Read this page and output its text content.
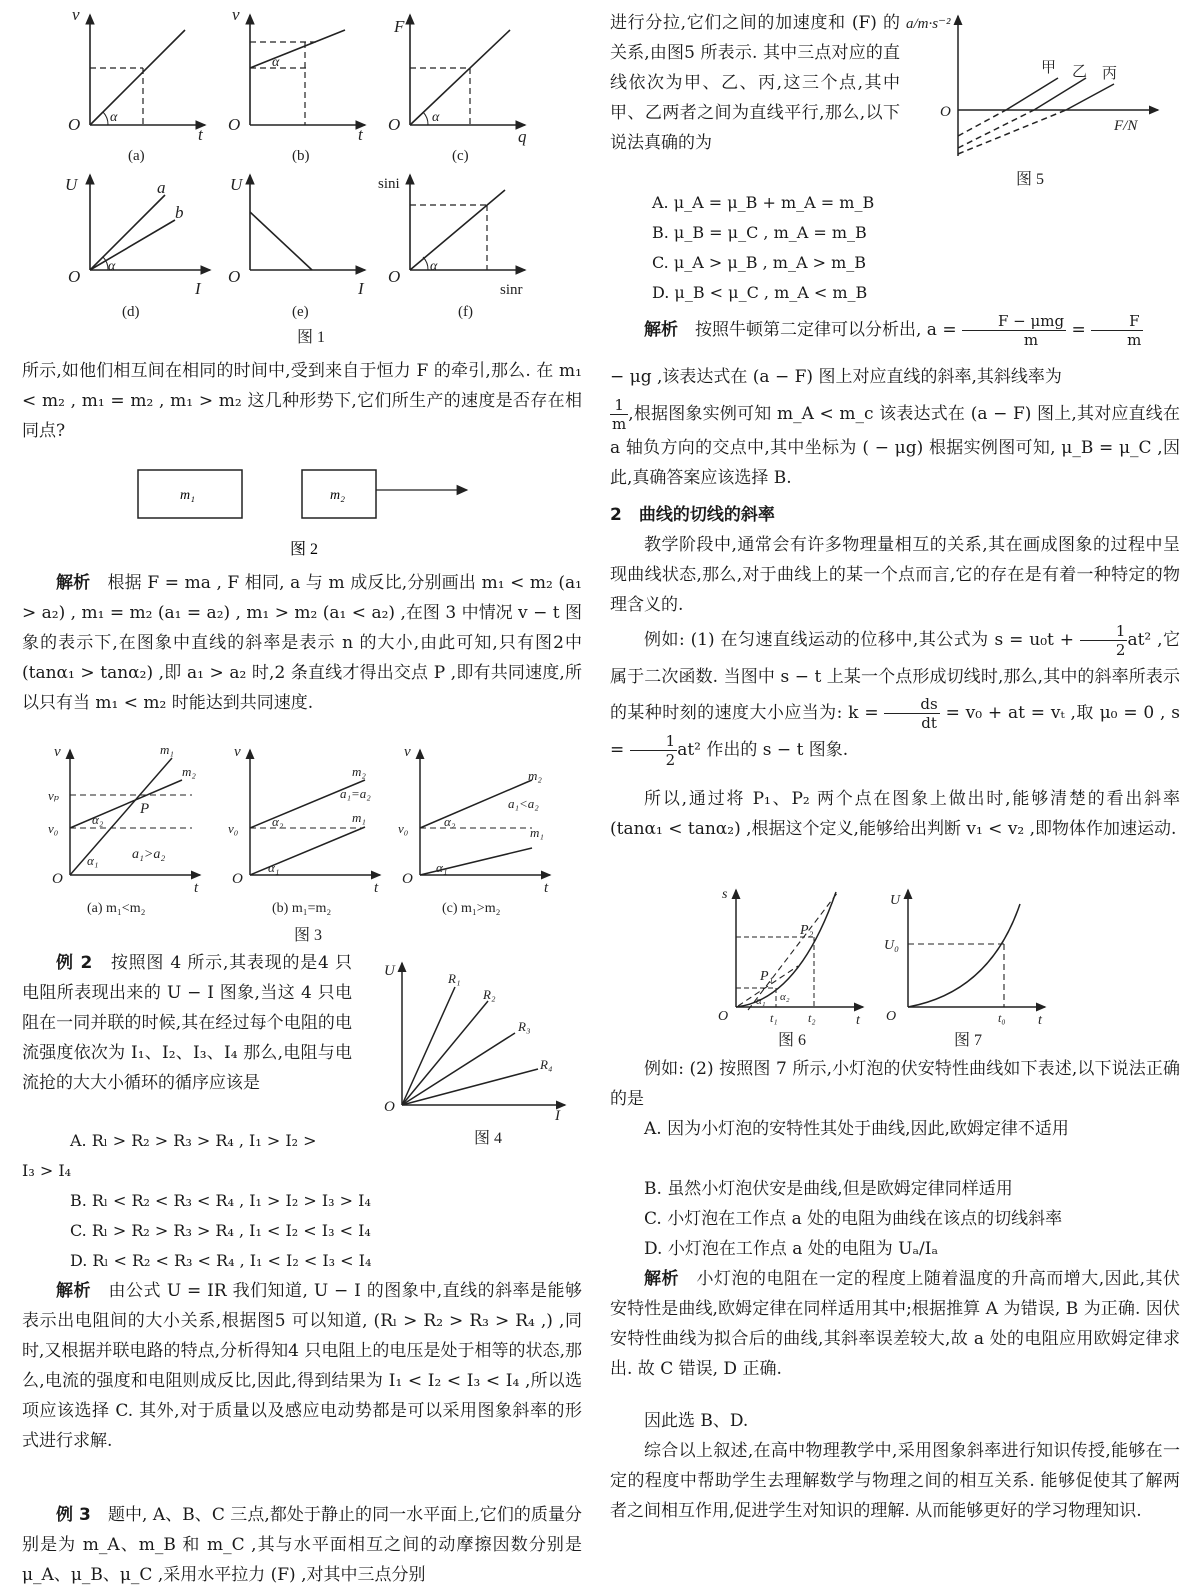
v
t
O α
(a)
v
t
O
α
(b)
F
q
O α
(c)
U
I
O
α
a
b
(d)
U
I
O
(e)
sini
sinr
O
α
(f)
图 1

所示,如他们相互间在相同的时间中,受到来自于恒力 F 的牵引,那么. 在 m₁ < m₂ , m₁ = m₂ , m₁ > m₂ 这几种形势下,它们所生产的速度是否存在相同点?

m₁	m₂
图 2

解析　 根据 F = ma , F 相同, a 与 m 成反比,分别画出 m₁ < m₂ (a₁ > a₂) , m₁ = m₂ (a₁ = a₂) , m₁ > m₂ (a₁ < a₂) ,在图 3 中情况 v − t 图象的表示下,在图象中直线的斜率是表示 n 的大小,由此可知,只有图2中 (tanα₁ > tanα₂) ,即 a₁ > a₂ 时,2 条直线才得出交点 P ,即有共同速度,所以只有当 m₁ < m₂ 时能达到共同速度.

v
t
O
vₚ
v₀
P
m₁
m₂
α₂
α₁ a₁>a₂
(a) m₁<m₂
v
t
O
v₀
m₂
m₁
a₁=a₂
α₂
α₁
(b) m₁=m₂
v
t
O
v₀
m₂
m₁
a₁<a₂
α₂
α₁
(c) m₁>m₂
图 3

例 2　 按照图 4 所示,其表现的是4 只电阻所表现出来的 U − I 图象,当这 4 只电阻在一同并联的时候,其在经过每个电阻的电流强度依次为 I₁、I₂、I₃、I₄ 那么,电阻与电流抢的大大小循环的循序应该是

U
I
O
R₁
R₂
R₃
R₄
图 4

A. Rₗ > R₂ > R₃ > R₄ , I₁ > I₂ >

I₃ > I₄

B. Rₗ < R₂ < R₃ < R₄ , I₁ > I₂ > I₃ > I₄

C. Rₗ > R₂ > R₃ > R₄ , I₁ < I₂ < I₃ < I₄

D. Rₗ < R₂ < R₃ < R₄ , I₁ < I₂ < I₃ < I₄

解析　 由公式 U = IR 我们知道, U − I 的图象中,直线的斜率是能够表示出电阻间的大小关系,根据图5 可以知道, (Rₗ > R₂ > R₃ > R₄ ,) ,同时,又根据并联电路的特点,分析得知4 只电阻上的电压是处于相等的状态,那么,电流的强度和电阻则成反比,因此,得到结果为 I₁ < I₂ < I₃ < I₄ ,所以选项应该选择 C. 其外,对于质量以及感应电动势都是可以采用图象斜率的形式进行求解.

例 3　 题中, A、B、C 三点,都处于静止的同一水平面上,它们的质量分别是为 m_A、m_B 和 m_C ,其与水平面相互之间的动摩擦因数分别是 μ_A、μ_B、μ_C ,采用水平拉力 (F) ,对其中三点分别

进行分拉,它们之间的加速度和 (F) 的关系,由图5 所表示. 其中三点对应的直线依次为甲、乙、丙,这三个点,其中甲、乙两者之间为直线平行,那么,以下说法真确的为

a/m·s⁻²
F/N
O
甲 乙 丙
图 5

A. μ_A = μ_B + m_A = m_B

B. μ_B = μ_C , m_A = m_B

C. μ_A > μ_B , m_A > m_B

D. μ_B < μ_C , m_A < m_B

解析　 按照牛顿第二定律可以分析出, $a = \frac{\text{F − μmg}}{m} = \frac{F}{m}$

− μg ,该表达式在 (a − F) 图上对应直线的斜率,其斜线率为

$\frac{1}{m}$ ,根据图象实例可知 m_A < m_c 该表达式在 (a − F) 图上,其对应直线在 a 轴负方向的交点中,其中坐标为 ( − μg) 根据实例图可知, μ_B = μ_C ,因此,真确答案应该选择 B.

2　曲线的切线的斜率

教学阶段中,通常会有许多物理量相互的关系,其在画成图象的过程中呈现曲线状态,那么,对于曲线上的某一个点而言,它的存在是有着一种特定的物理含义的.

例如: (1) 在匀速直线运动的位移中,其公式为 $s = u_0t + \frac{1}{2} at^2$ ,它属于二次函数. 当图中 s − t 上某一个点形成切线时,那么,其中的斜率所表示的某种时刻的速度大小应当为: $k = \frac{ds}{dt} = v_0$ + at = vₜ ,取 μ₀ = 0 , $s = \frac{1}{2} at^2$ 作出的 s − t 图象.

所以,通过将 P₁、P₂ 两个点在图象上做出时,能够清楚的看出斜率 (tanα₁ < tanα₂) ,根据这个定义,能够给出判断 v₁ < v₂ ,即物体作加速运动.

s
t
O
P₁
P₂
t₁	t₂
α₁ α₂
图 6
U
t
O
U₀
t₀
图 7

例如: (2) 按照图 7 所示,小灯泡的伏安特性曲线如下表述,以下说法正确的是

A. 因为小灯泡的安特性其处于曲线,因此,欧姆定律不适用

B. 虽然小灯泡伏安是曲线,但是欧姆定律同样适用

C. 小灯泡在工作点 a 处的电阻为曲线在该点的切线斜率

D. 小灯泡在工作点 a 处的电阻为 Uₐ/Iₐ

解析　 小灯泡的电阻在一定的程度上随着温度的升高而增大,因此,其伏安特性是曲线,欧姆定律在同样适用其中;根据推算 A 为错误, B 为正确. 因伏安特性曲线为拟合后的曲线,其斜率误差较大,故 a 处的电阻应用欧姆定律求出. 故 C 错误, D 正确.

因此选 B、D.

综合以上叙述,在高中物理教学中,采用图象斜率进行知识传授,能够在一定的程度中帮助学生去理解数学与物理之间的相互关系. 能够促使其了解两者之间相互作用,促进学生对知识的理解. 从而能够更好的学习物理知识.
